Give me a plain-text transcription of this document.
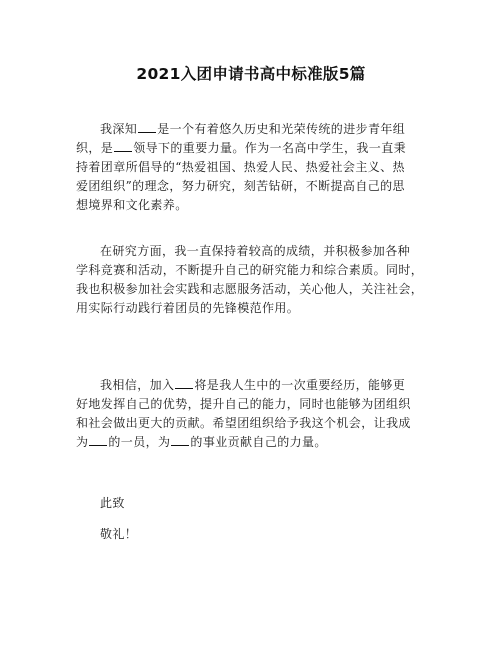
2021入团申请书高中标准版5篇
我深知 是一个有着悠久历史和光荣传统的进步青年组
织，是 领导下的重要力量。作为一名高中学生，我一直秉
持着团章所倡导的“热爱祖国、热爱人民、热爱社会主义、热
爱团组织”的理念，努力研究，刻苦钻研，不断提高自己的思
想境界和文化素养。
在研究方面，我一直保持着较高的成绩，并积极参加各种
学科竞赛和活动，不断提升自己的研究能力和综合素质。同时，
我也积极参加社会实践和志愿服务活动，关心他人，关注社会，
用实际行动践行着团员的先锋模范作用。
我相信，加入 将是我人生中的一次重要经历，能够更
好地发挥自己的优势，提升自己的能力，同时也能够为团组织
和社会做出更大的贡献。希望团组织给予我这个机会，让我成
为 的一员，为 的事业贡献自己的力量。
此致
敬礼！
